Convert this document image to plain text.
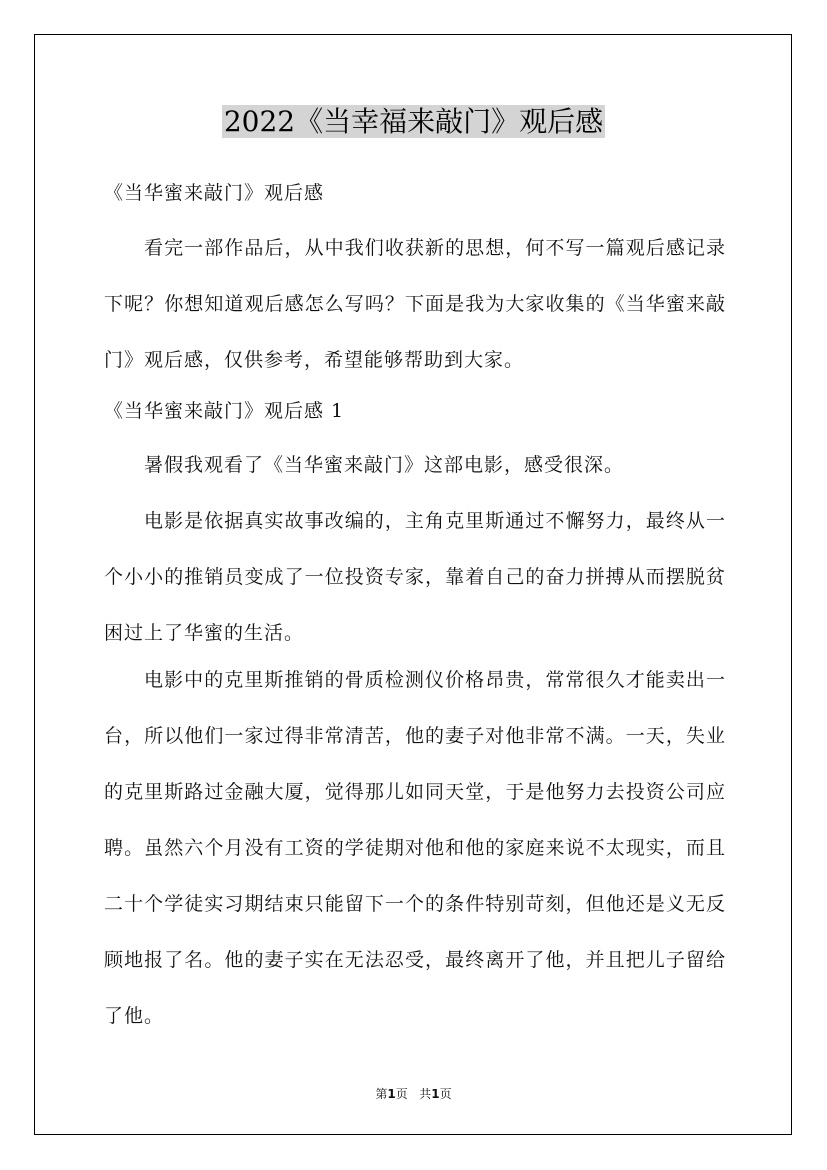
2022《当幸福来敲门》观后感
《当华蜜来敲门》观后感
看完一部作品后，从中我们收获新的思想，何不写一篇观后感记录下呢？你想知道观后感怎么写吗？下面是我为大家收集的《当华蜜来敲门》观后感，仅供参考，希望能够帮助到大家。
《当华蜜来敲门》观后感 1
暑假我观看了《当华蜜来敲门》这部电影，感受很深。
电影是依据真实故事改编的，主角克里斯通过不懈努力，最终从一个小小的推销员变成了一位投资专家，靠着自己的奋力拼搏从而摆脱贫困过上了华蜜的生活。
电影中的克里斯推销的骨质检测仪价格昂贵，常常很久才能卖出一台，所以他们一家过得非常清苦，他的妻子对他非常不满。一天，失业的克里斯路过金融大厦，觉得那儿如同天堂，于是他努力去投资公司应聘。虽然六个月没有工资的学徒期对他和他的家庭来说不太现实，而且二十个学徒实习期结束只能留下一个的条件特别苛刻，但他还是义无反顾地报了名。他的妻子实在无法忍受，最终离开了他，并且把儿子留给了他。
第1页 共1页
